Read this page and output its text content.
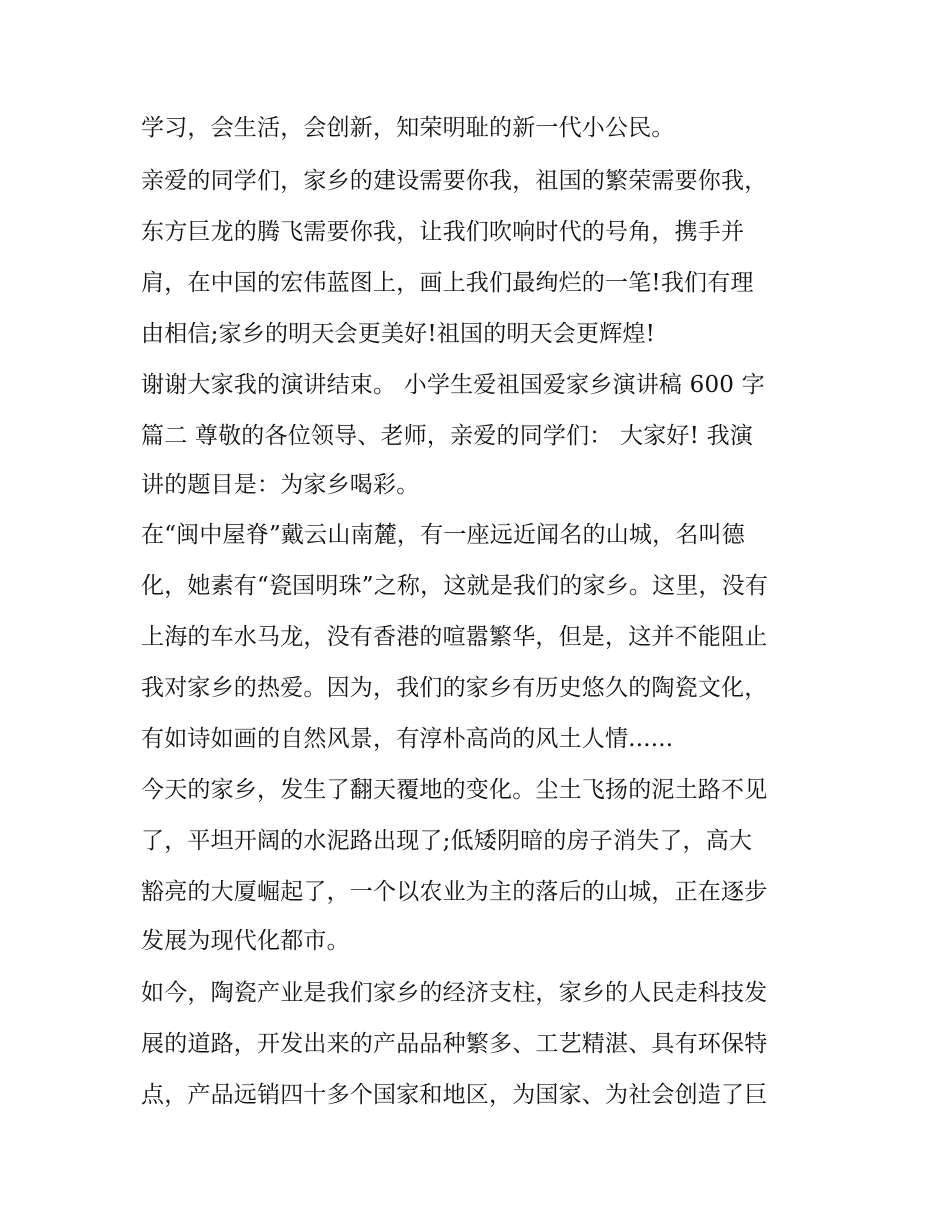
学习，会生活，会创新，知荣明耻的新一代小公民。
亲爱的同学们，家乡的建设需要你我，祖国的繁荣需要你我，
东方巨龙的腾飞需要你我，让我们吹响时代的号角，携手并
肩，在中国的宏伟蓝图上，画上我们最绚烂的一笔!我们有理
由相信;家乡的明天会更美好!祖国的明天会更辉煌!
谢谢大家我的演讲结束。 小学生爱祖国爱家乡演讲稿 600 字
篇二 尊敬的各位领导、老师，亲爱的同学们： 大家好! 我演
讲的题目是：为家乡喝彩。
在“闽中屋脊”戴云山南麓，有一座远近闻名的山城，名叫德
化，她素有“瓷国明珠”之称，这就是我们的家乡。这里，没有
上海的车水马龙，没有香港的喧嚣繁华，但是，这并不能阻止
我对家乡的热爱。因为，我们的家乡有历史悠久的陶瓷文化，
有如诗如画的自然风景，有淳朴高尚的风土人情......
今天的家乡，发生了翻天覆地的变化。尘土飞扬的泥土路不见
了，平坦开阔的水泥路出现了;低矮阴暗的房子消失了，高大
豁亮的大厦崛起了，一个以农业为主的落后的山城，正在逐步
发展为现代化都市。
如今，陶瓷产业是我们家乡的经济支柱，家乡的人民走科技发
展的道路，开发出来的产品品种繁多、工艺精湛、具有环保特
点，产品远销四十多个国家和地区，为国家、为社会创造了巨
